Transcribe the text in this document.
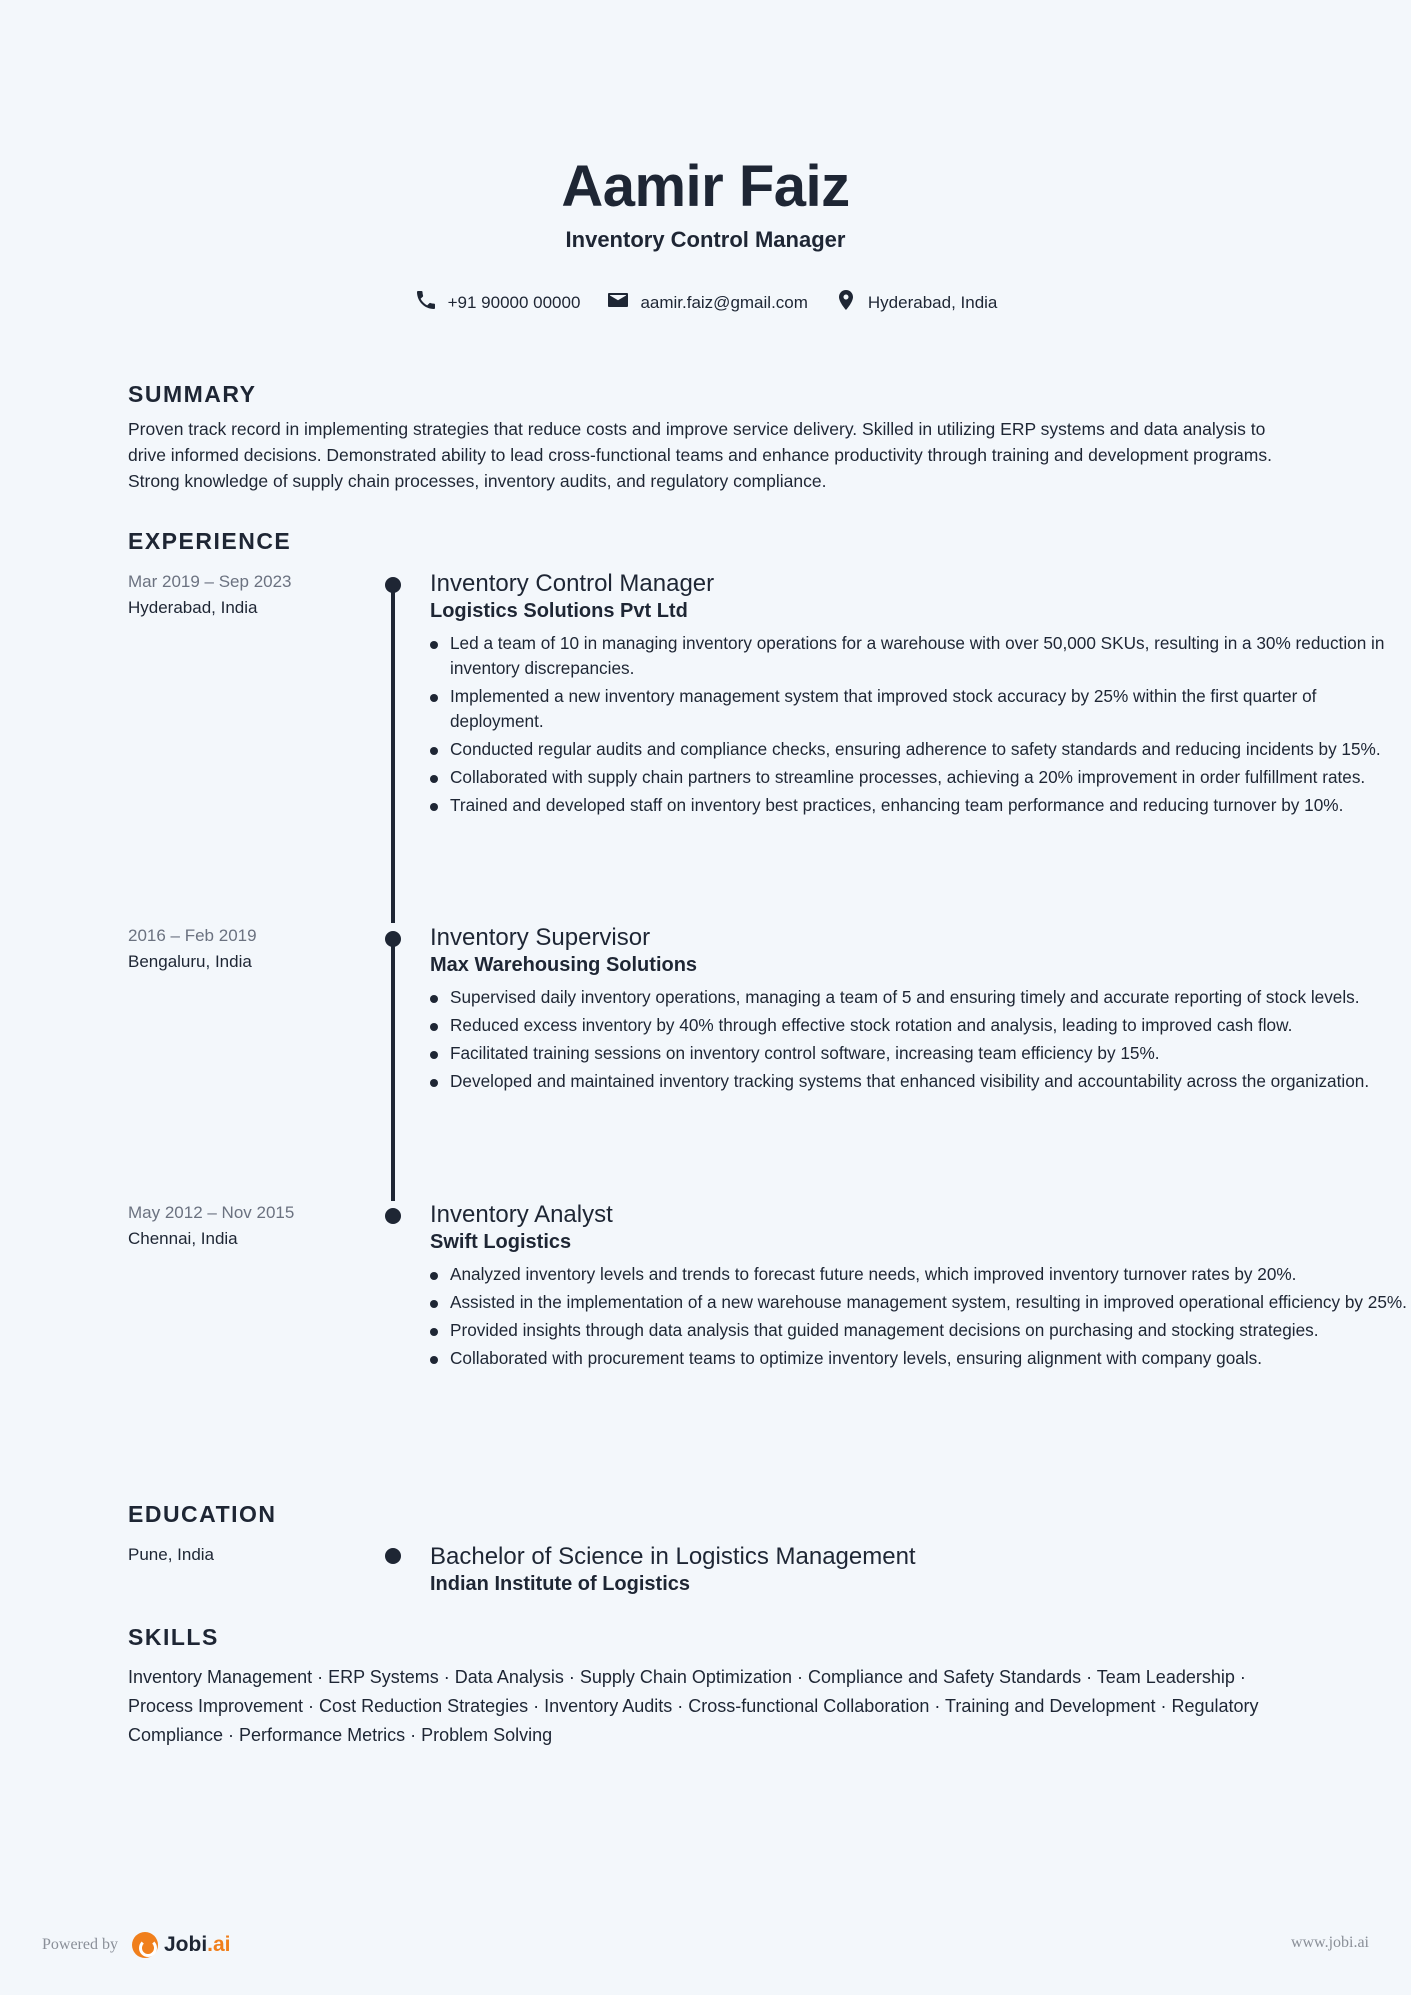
Aamir Faiz
Inventory Control Manager
+91 90000 00000	aamir.faiz@gmail.com	Hyderabad, India
SUMMARY
Proven track record in implementing strategies that reduce costs and improve service delivery. Skilled in utilizing ERP systems and data analysis to drive informed decisions. Demonstrated ability to lead cross-functional teams and enhance productivity through training and development programs. Strong knowledge of supply chain processes, inventory audits, and regulatory compliance.
EXPERIENCE
Mar 2019 – Sep 2023
Hyderabad, India
Inventory Control Manager
Logistics Solutions Pvt Ltd
Led a team of 10 in managing inventory operations for a warehouse with over 50,000 SKUs, resulting in a 30% reduction in inventory discrepancies.
Implemented a new inventory management system that improved stock accuracy by 25% within the first quarter of deployment.
Conducted regular audits and compliance checks, ensuring adherence to safety standards and reducing incidents by 15%.
Collaborated with supply chain partners to streamline processes, achieving a 20% improvement in order fulfillment rates.
Trained and developed staff on inventory best practices, enhancing team performance and reducing turnover by 10%.
2016 – Feb 2019
Bengaluru, India
Inventory Supervisor
Max Warehousing Solutions
Supervised daily inventory operations, managing a team of 5 and ensuring timely and accurate reporting of stock levels.
Reduced excess inventory by 40% through effective stock rotation and analysis, leading to improved cash flow.
Facilitated training sessions on inventory control software, increasing team efficiency by 15%.
Developed and maintained inventory tracking systems that enhanced visibility and accountability across the organization.
May 2012 – Nov 2015
Chennai, India
Inventory Analyst
Swift Logistics
Analyzed inventory levels and trends to forecast future needs, which improved inventory turnover rates by 20%.
Assisted in the implementation of a new warehouse management system, resulting in improved operational efficiency by 25%.
Provided insights through data analysis that guided management decisions on purchasing and stocking strategies.
Collaborated with procurement teams to optimize inventory levels, ensuring alignment with company goals.
EDUCATION
Pune, India	Bachelor of Science in Logistics Management
Indian Institute of Logistics
SKILLS
Inventory Management · ERP Systems · Data Analysis · Supply Chain Optimization · Compliance and Safety Standards · Team Leadership · Process Improvement · Cost Reduction Strategies · Inventory Audits · Cross-functional Collaboration · Training and Development · Regulatory Compliance · Performance Metrics · Problem Solving
Powered by Jobi .ai	www.jobi.ai
